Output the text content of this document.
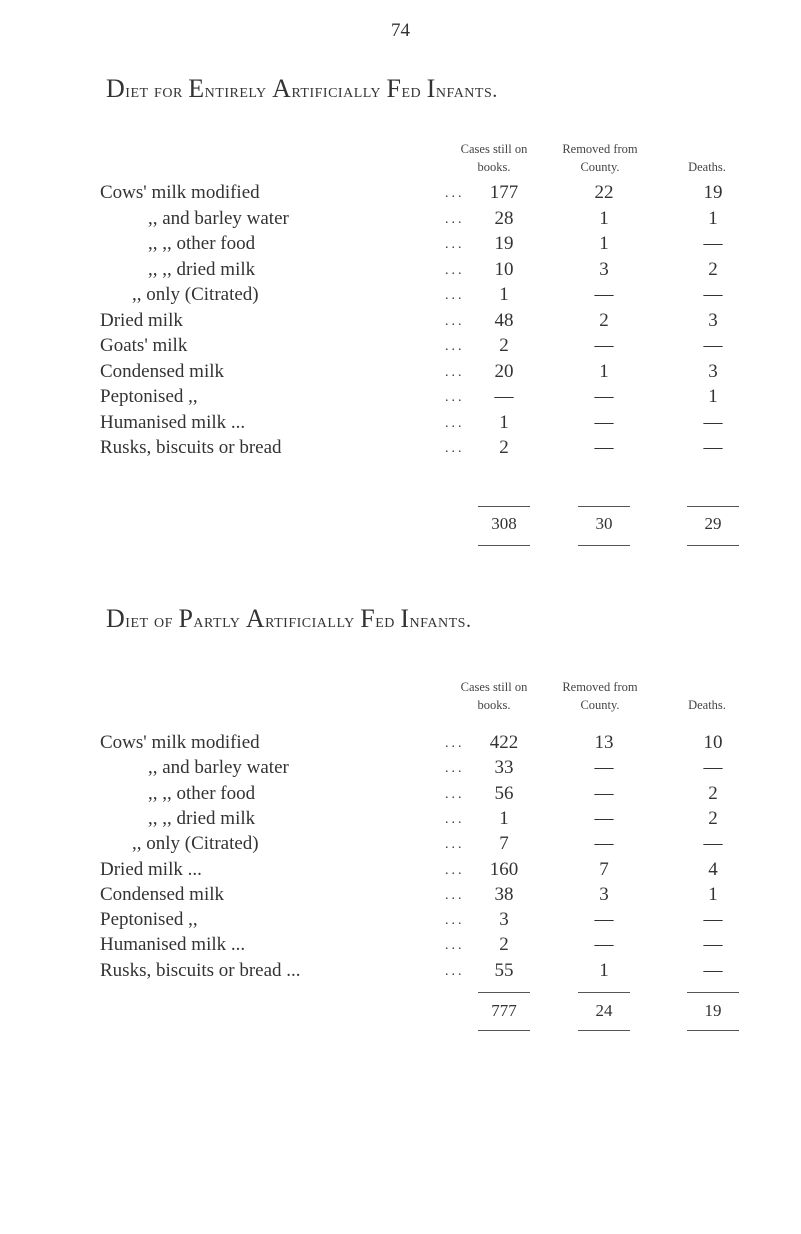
74
Diet for Entirely Artificially Fed Infants.
Cases still on books.
Removed from County.	Deaths.
Cows' milk modified	...	177	22	19
,, and barley water	...	28	1	1
,, ,, other food	...	19	1	—
,, ,, dried milk	...	10	3	2
,, only (Citrated)	...	1	—	—
Dried milk	...	48	2	3
Goats' milk	...	2	—	—
Condensed milk	...	20	1	3
Peptonised ,,	...	—	—	1
Humanised milk ...	...	1	—	—
Rusks, biscuits or bread	...	2	—	—
308	30	29
Diet of Partly Artificially Fed Infants.
Cases still on books.
Removed from County.	Deaths.
Cows' milk modified	...	422	13	10
,, and barley water	...	33	—	—
,, ,, other food	...	56	—	2
,, ,, dried milk	...	1	—	2
,, only (Citrated)	...	7	—	—
Dried milk ...	...	160	7	4
Condensed milk	...	38	3	1
Peptonised ,,	...	3	—	—
Humanised milk ...	...	2	—	—
Rusks, biscuits or bread ...	...	55	1	—
777	24	19
